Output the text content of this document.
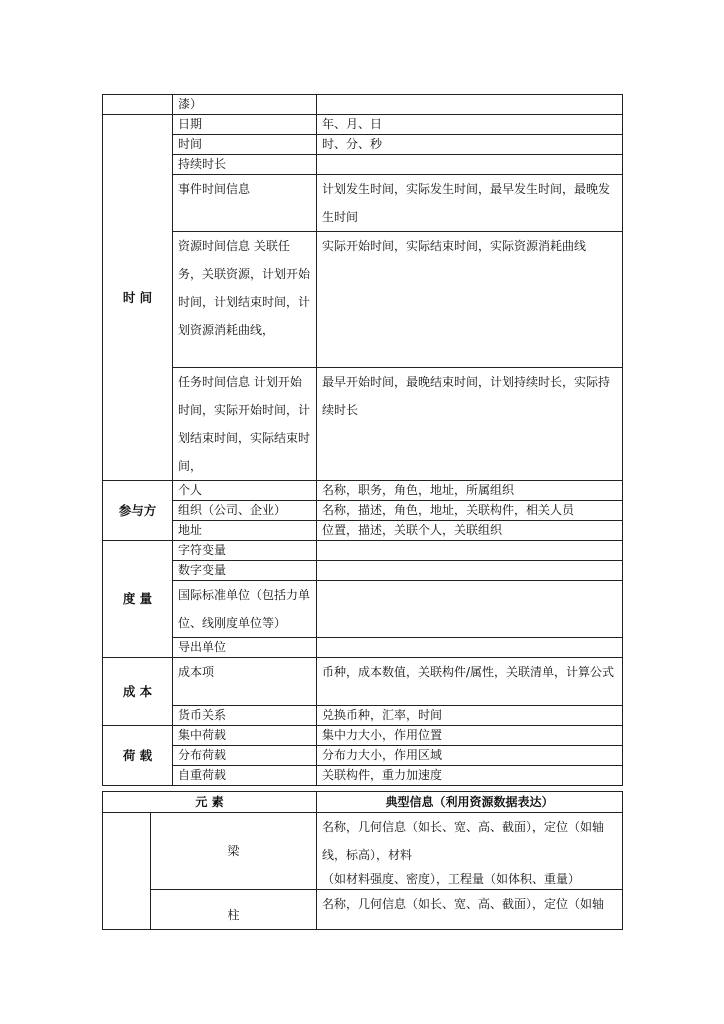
	漆）	
时 间	日期	年、月、日
	时间	时、分、秒
	持续时长	
	事件时间信息	计划发生时间，实际发生时间，最早发生时间，最晚发生时间
	资源时间信息 关联任务，关联资源，计划开始时间，计划结束时间，计划资源消耗曲线，	实际开始时间，实际结束时间，实际资源消耗曲线
	任务时间信息 计划开始时间，实际开始时间，计划结束时间，实际结束时间，	最早开始时间，最晚结束时间，计划持续时长，实际持续时长
参与方	个人	名称，职务，角色，地址，所属组织
	组织（公司、企业）	名称，描述，角色，地址，关联构件，相关人员
	地址	位置，描述，关联个人，关联组织
度 量	字符变量	
	数字变量	
	国际标准单位（包括力单位、线刚度单位等）	
	导出单位	
成 本	成本项	币种，成本数值，关联构件/属性，关联清单，计算公式
	货币关系	兑换币种，汇率，时间
荷 载	集中荷载	集中力大小，作用位置
	分布荷载	分布力大小，作用区域
	自重荷载	关联构件，重力加速度
元 素		典型信息（利用资源数据表达）
	梁	名称，几何信息（如长、宽、高、截面），定位（如轴
线，标高），材料
（如材料强度、密度），工程量（如体积、重量）

	柱	名称，几何信息（如长、宽、高、截面），定位（如轴
